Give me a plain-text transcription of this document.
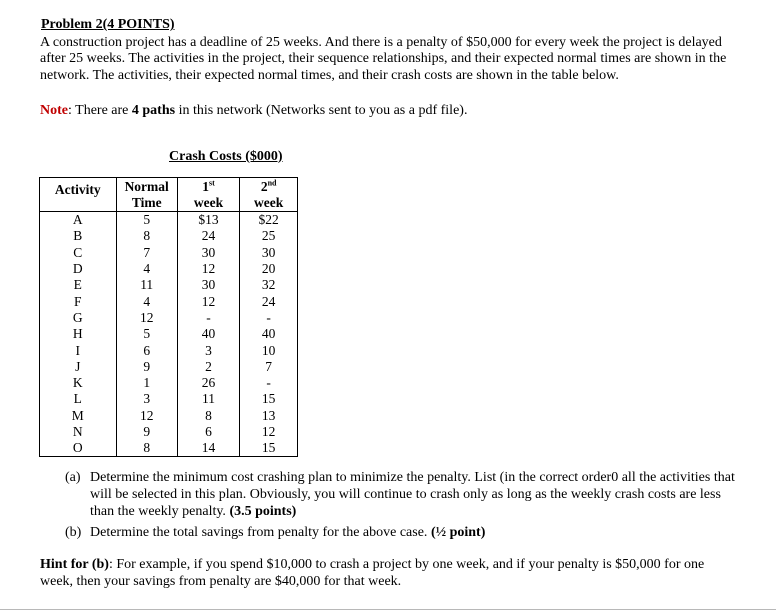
Problem 2(4 POINTS)
A construction project has a deadline of 25 weeks. And there is a penalty of $50,000 for every week the project is delayed after 25 weeks. The activities in the project, their sequence relationships, and their expected normal times are shown in the network. The activities, their expected normal times, and their crash costs are shown in the table below.
Note: There are 4 paths in this network (Networks sent to you as a pdf file).
Crash Costs ($000)
Activity	Normal	1st	2nd
	Time	week	week
A	5	$13	$22
B	8	24	25
C	7	30	30
D	4	12	20
E	11	30	32
F	4	12	24
G	12	-	-
H	5	40	40
I	6	3	10
J	9	2	7
K	1	26	-
L	3	11	15
M	12	8	13
N	9	6	12
O	8	14	15
(a) Determine the minimum cost crashing plan to minimize the penalty. List (in the correct order0 all the activities that will be selected in this plan. Obviously, you will continue to crash only as long as the weekly crash costs are less than the weekly penalty. (3.5 points)
(b) Determine the total savings from penalty for the above case. (½ point)
Hint for (b): For example, if you spend $10,000 to crash a project by one week, and if your penalty is $50,000 for one week, then your savings from penalty are $40,000 for that week.
